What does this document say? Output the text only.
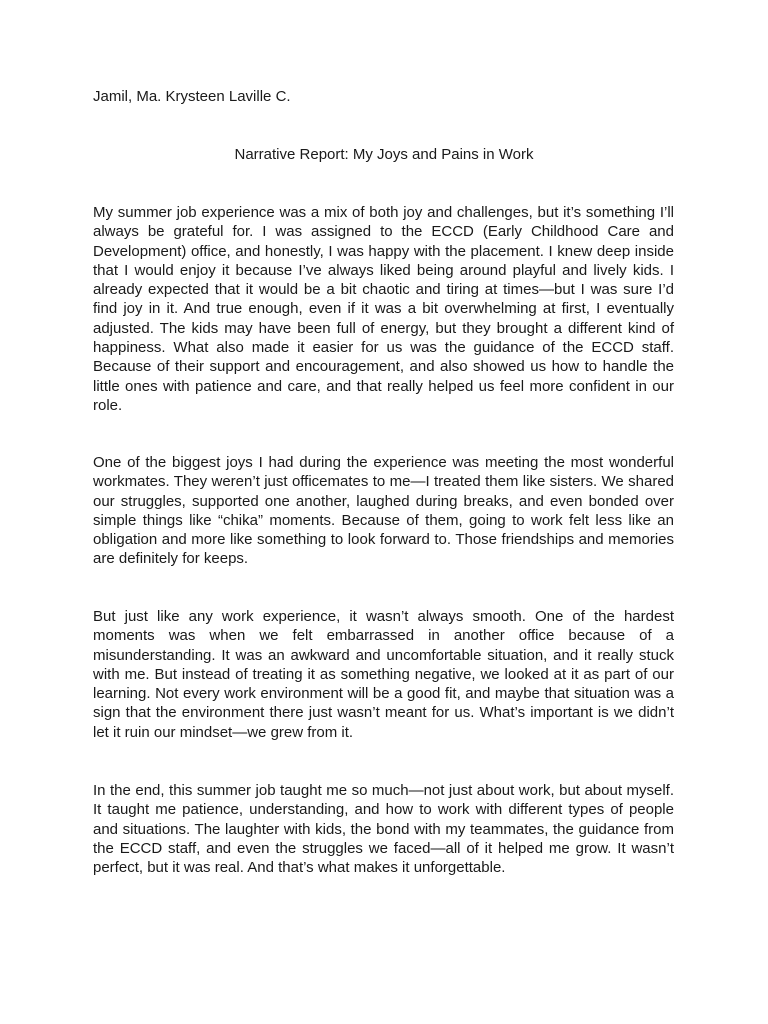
Jamil, Ma. Krysteen Laville C.

Narrative Report: My Joys and Pains in Work

My summer job experience was a mix of both joy and challenges, but it’s something I’ll always be grateful for. I was assigned to the ECCD (Early Childhood Care and Development) office, and honestly, I was happy with the placement. I knew deep inside that I would enjoy it because I’ve always liked being around playful and lively kids. I already expected that it would be a bit chaotic and tiring at times—but I was sure I’d find joy in it. And true enough, even if it was a bit overwhelming at first, I eventually adjusted. The kids may have been full of energy, but they brought a different kind of happiness. What also made it easier for us was the guidance of the ECCD staff. Because of their support and encouragement, and also showed us how to handle the little ones with patience and care, and that really helped us feel more confident in our role.

One of the biggest joys I had during the experience was meeting the most wonderful workmates. They weren’t just officemates to me—I treated them like sisters. We shared our struggles, supported one another, laughed during breaks, and even bonded over simple things like “chika” moments. Because of them, going to work felt less like an obligation and more like something to look forward to. Those friendships and memories are definitely for keeps.

But just like any work experience, it wasn’t always smooth. One of the hardest moments was when we felt embarrassed in another office because of a misunderstanding. It was an awkward and uncomfortable situation, and it really stuck with me. But instead of treating it as something negative, we looked at it as part of our learning. Not every work environment will be a good fit, and maybe that situation was a sign that the environment there just wasn’t meant for us. What’s important is we didn’t let it ruin our mindset—we grew from it.

In the end, this summer job taught me so much—not just about work, but about myself. It taught me patience, understanding, and how to work with different types of people and situations. The laughter with kids, the bond with my teammates, the guidance from the ECCD staff, and even the struggles we faced—all of it helped me grow. It wasn’t perfect, but it was real. And that’s what makes it unforgettable.
